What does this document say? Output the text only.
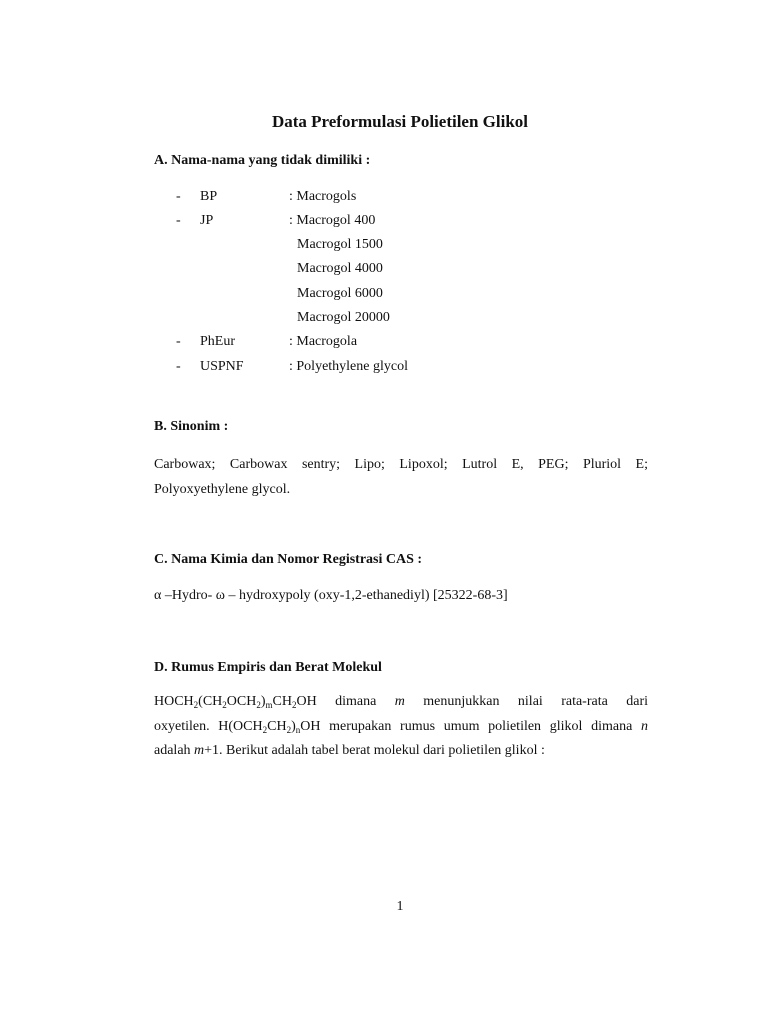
Data Preformulasi Polietilen Glikol
A. Nama-nama yang tidak dimiliki :
- BP	: Macrogols
- JP	: Macrogol 400
Macrogol 1500
Macrogol 4000
Macrogol 6000
Macrogol 20000
- PhEur	: Macrogola
- USPNF	: Polyethylene glycol
B. Sinonim :
Carbowax; Carbowax sentry; Lipo; Lipoxol; Lutrol E, PEG; Pluriol E;
Polyoxyethylene glycol.
C. Nama Kimia dan Nomor Registrasi CAS :
α –Hydro- ω – hydroxypoly (oxy-1,2-ethanediyl) [25322-68-3]
D. Rumus Empiris dan Berat Molekul
$HOCH_2(CH_2OCH_2)_mCH_2OH$ dimana m menunjukkan nilai rata-rata dari
oxyetilen. $H(OCH_2CH_2)_nOH$ merupakan rumus umum polietilen glikol dimana n
adalah m+1. Berikut adalah tabel berat molekul dari polietilen glikol :
1
